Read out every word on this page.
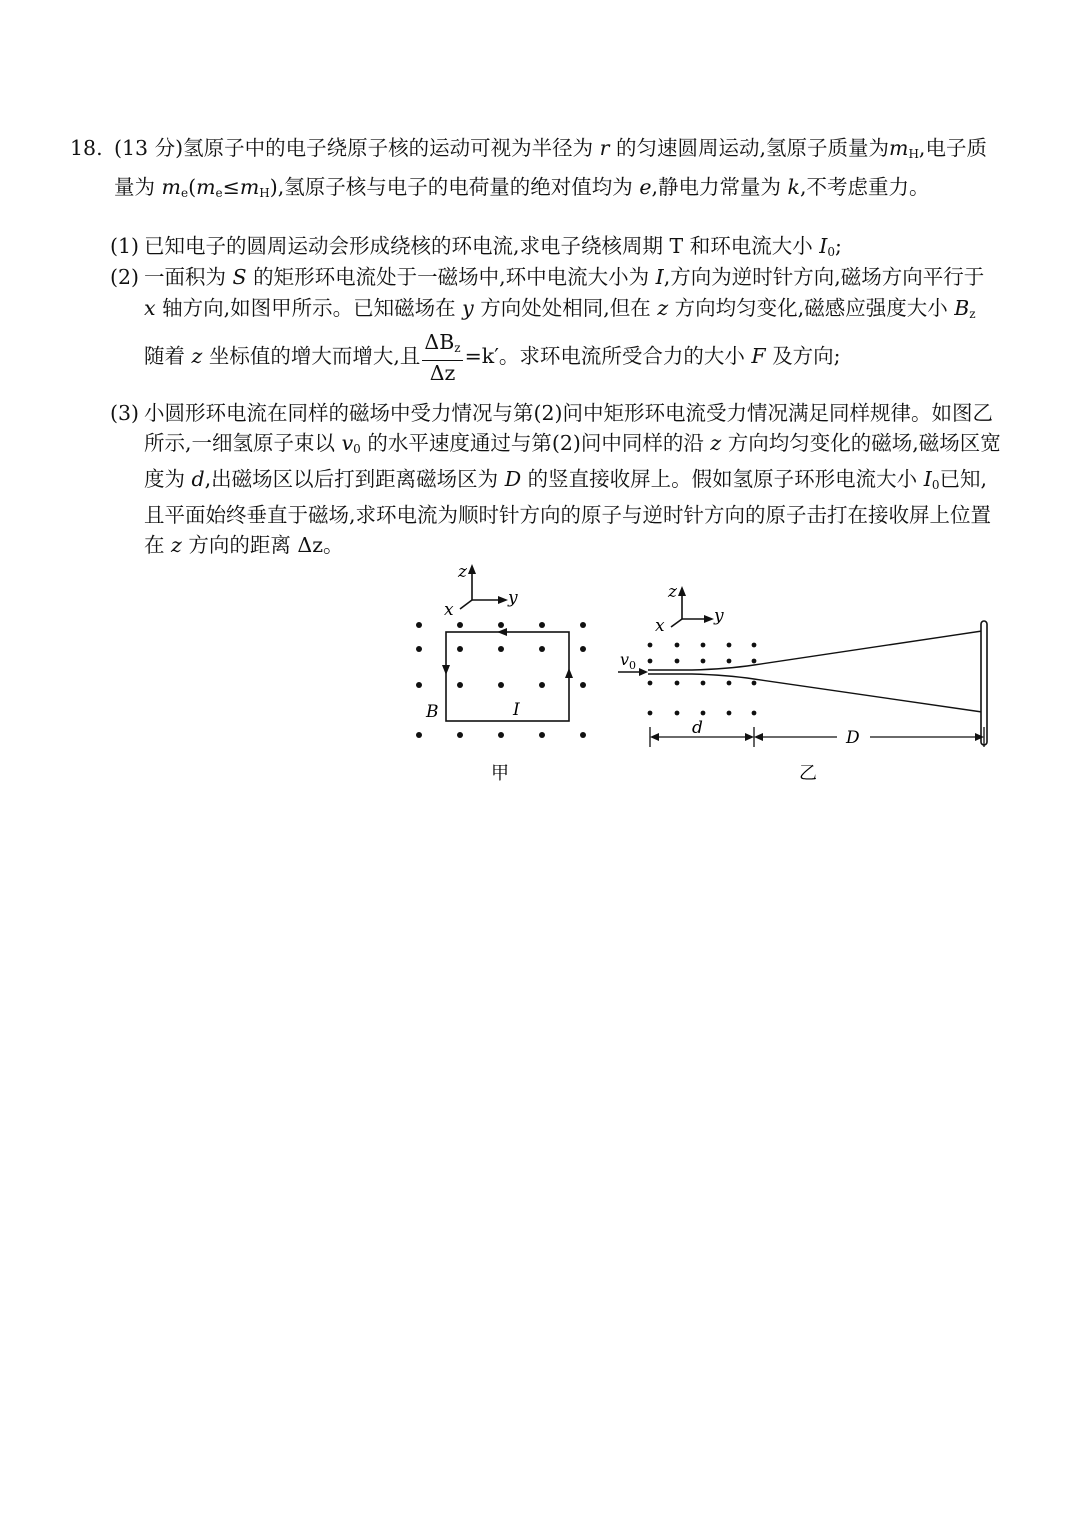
18. (13 分)氢原子中的电子绕原子核的运动可视为半径为 r 的匀速圆周运动,氢原子质量为$m_H$,电子质量为 $m_e(m_e\le m_H)$,氢原子核与电子的电荷量的绝对值均为 e,静电力常量为 k,不考虑重力。
(1) 已知电子的圆周运动会形成绕核的环电流,求电子绕核周期 T 和环电流大小 $I_0$;
(2) 一面积为 S 的矩形环电流处于一磁场中,环中电流大小为 I,方向为逆时针方向,磁场方向平行于 x 轴方向,如图甲所示。已知磁场在 y 方向处处相同,但在 z 方向均匀变化,磁感应强度大小 $B_z$ 随着 z 坐标值的增大而增大,且 $\frac{\Delta B_z}{\Delta z} =k'$。求环电流所受合力的大小 F 及方向;
(3) 小圆形环电流在同样的磁场中受力情况与第(2)问中矩形环电流受力情况满足同样规律。如图乙所示,一细氢原子束以 $v_0$ 的水平速度通过与第(2)问中同样的沿 z 方向均匀变化的磁场,磁场区宽度为 d,出磁场区以后打到距离磁场区为 D 的竖直接收屏上。假如氢原子环形电流大小 $I_0$已知,且平面始终垂直于磁场,求环电流为顺时针方向的原子与逆时针方向的原子击打在接收屏上位置在 z 方向的距离 Δz。
z
y
x
B	I
甲
z
y
x
$v_0$
d	D
乙
